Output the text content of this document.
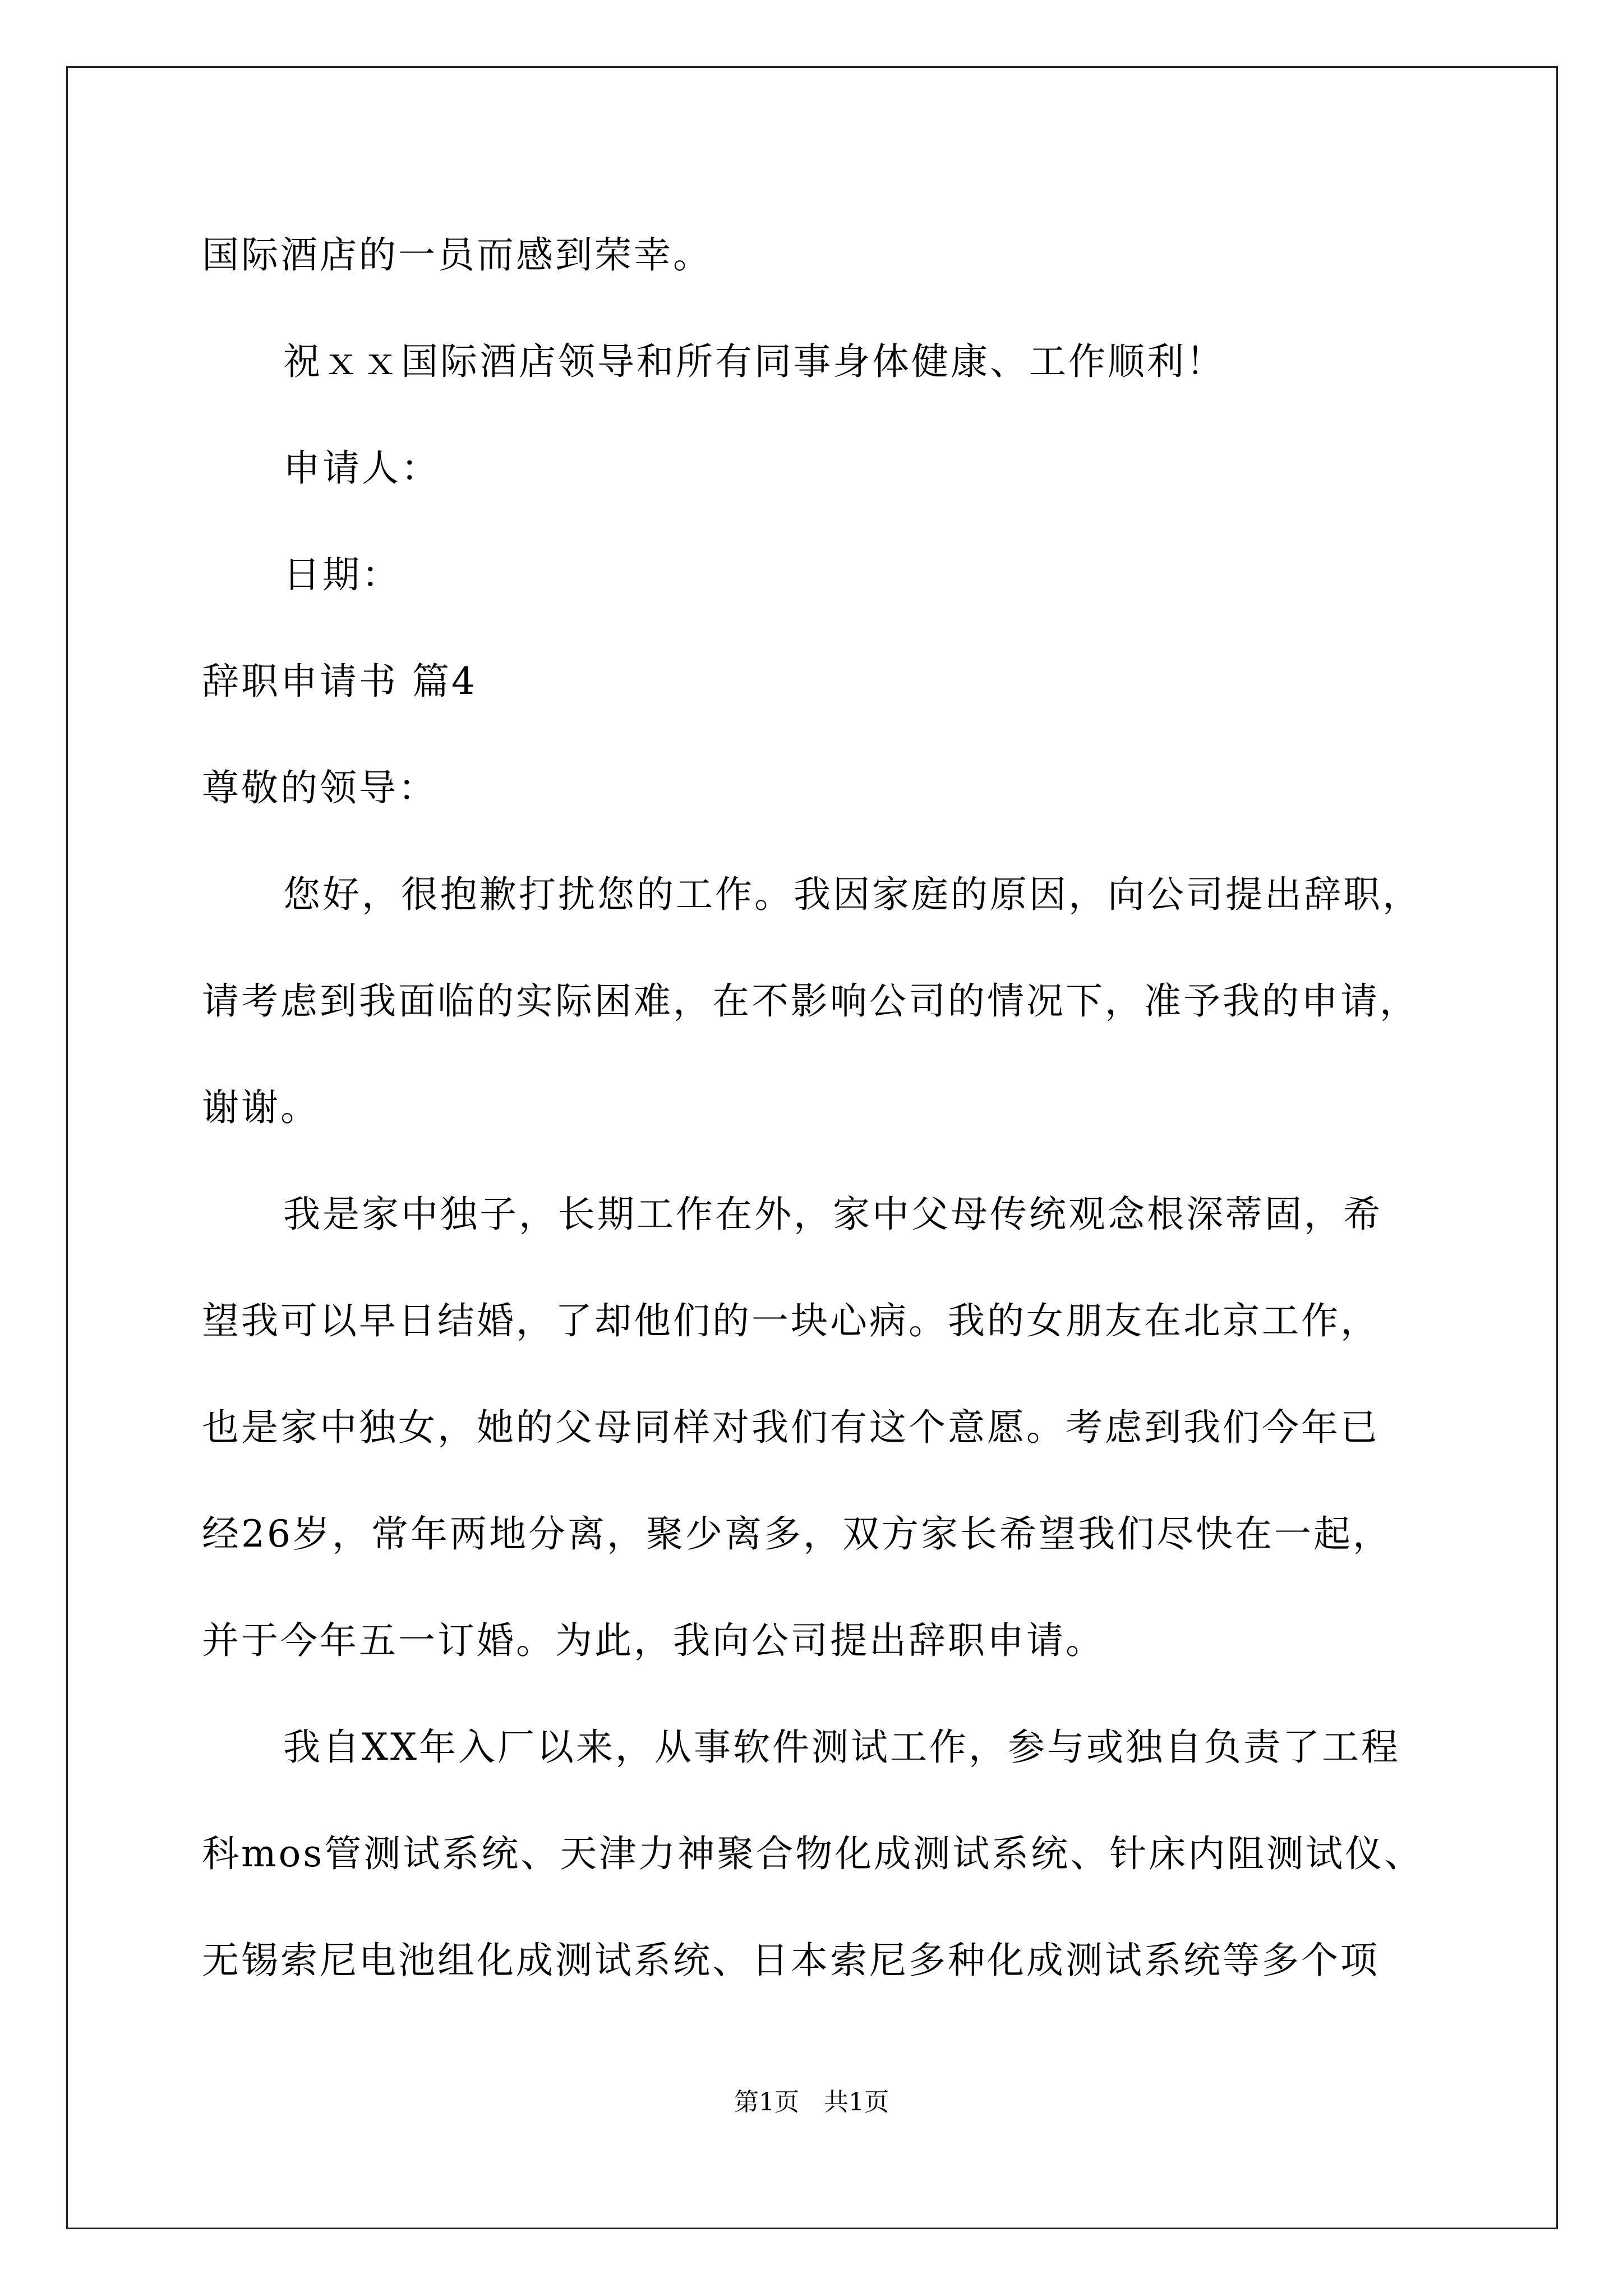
国际酒店的一员而感到荣幸。
祝ｘｘ国际酒店领导和所有同事身体健康、工作顺利！
申请人：
日期：
辞职申请书 篇4
尊敬的领导：
您好，很抱歉打扰您的工作。我因家庭的原因，向公司提出辞职，
请考虑到我面临的实际困难，在不影响公司的情况下，准予我的申请，
谢谢。
我是家中独子，长期工作在外，家中父母传统观念根深蒂固，希
望我可以早日结婚，了却他们的一块心病。我的女朋友在北京工作，
也是家中独女，她的父母同样对我们有这个意愿。考虑到我们今年已
经26岁，常年两地分离，聚少离多，双方家长希望我们尽快在一起，
并于今年五一订婚。为此，我向公司提出辞职申请。
我自XX年入厂以来，从事软件测试工作，参与或独自负责了工程
科mos管测试系统、天津力神聚合物化成测试系统、针床内阻测试仪、
无锡索尼电池组化成测试系统、日本索尼多种化成测试系统等多个项
第1页　共1页
